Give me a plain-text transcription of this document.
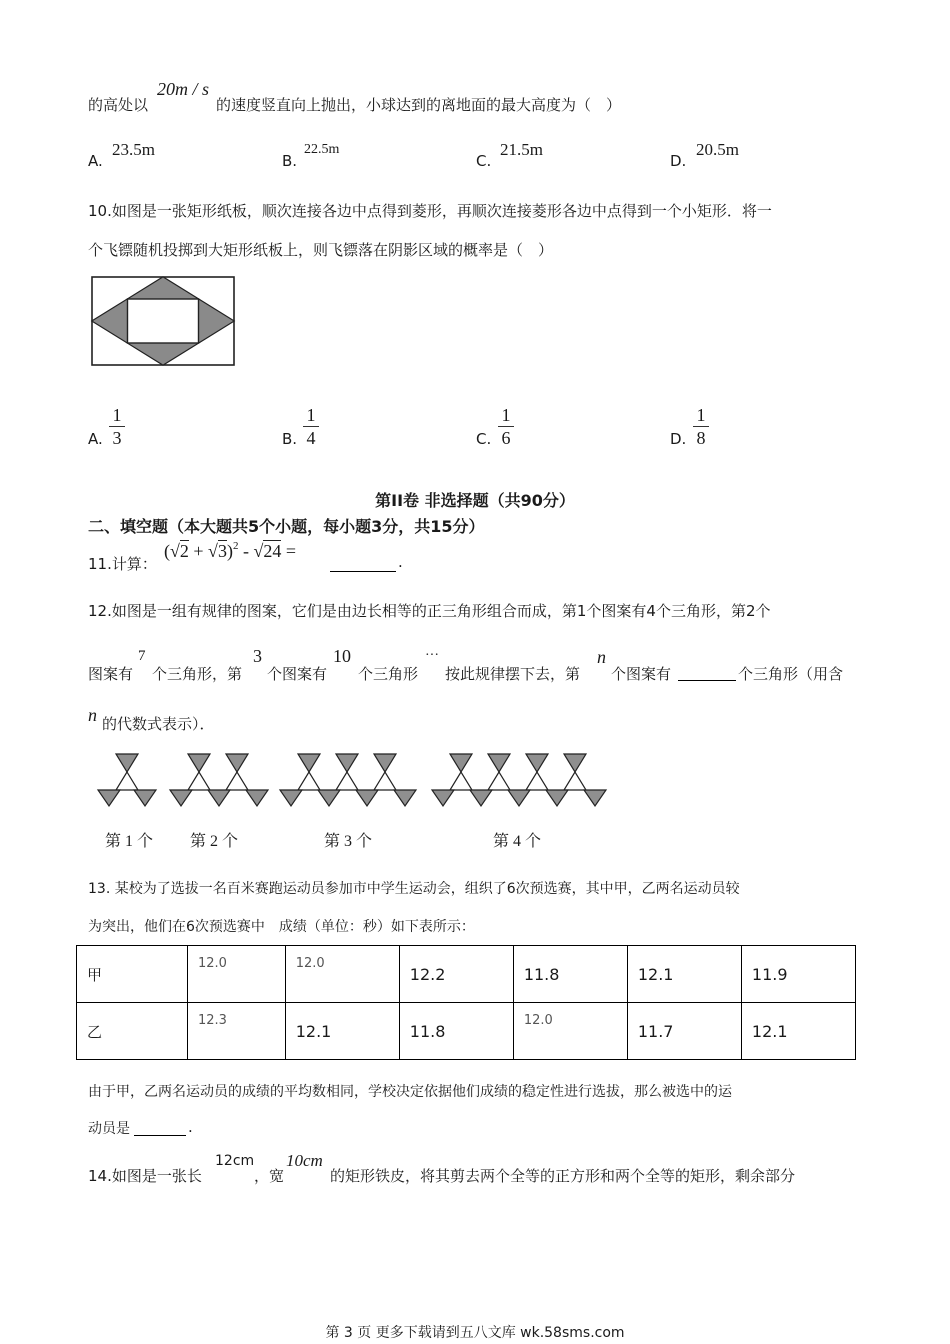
的高处以
20m / s
的速度竖直向上抛出，小球达到的离地面的最大高度为（　）
A.
23.5m
B.
22.5m
C.
21.5m
D.
20.5m
10.如图是一张矩形纸板，顺次连接各边中点得到菱形，再顺次连接菱形各边中点得到一个小矩形．将一
个飞镖随机投掷到大矩形纸板上，则飞镖落在阴影区域的概率是（　）
A.
1
3	B.
1
4	C.
1
6	D.
1
8
第II卷 非选择题（共90分）
二、填空题（本大题共5个小题，每小题3分，共15分）
11.计算：
$(√2 + √3)^2 - √24$ =
.
12.如图是一组有规律的图案，它们是由边长相等的正三角形组合而成，第1个图案有4个三角形，第2个
图案有
7
个三角形，第
3
个图案有
10
个三角形
···
按此规律摆下去，第
n
个图案有	个三角形（用含
n 的代数式表示）．
第 1 个 第 2 个	第 3 个	第 4 个
13. 某校为了选拔一名百米赛跑运动员参加市中学生运动会，组织了6次预选赛，其中甲，乙两名运动员较
为突出，他们在6次预选赛中　成绩（单位：秒）如下表所示：
甲	12.0	12.0	12.2	11.8	12.1	11.9
乙	12.3	12.1	11.8	12.0	11.7	12.1
由于甲，乙两名运动员的成绩的平均数相同，学校决定依据他们成绩的稳定性进行选拔，那么被选中的运
动员是	.
14.如图是一张长
12cm
，宽
10cm
的矩形铁皮，将其剪去两个全等的正方形和两个全等的矩形，剩余部分
第 3 页 更多下载请到五八文库 wk.58sms.com
